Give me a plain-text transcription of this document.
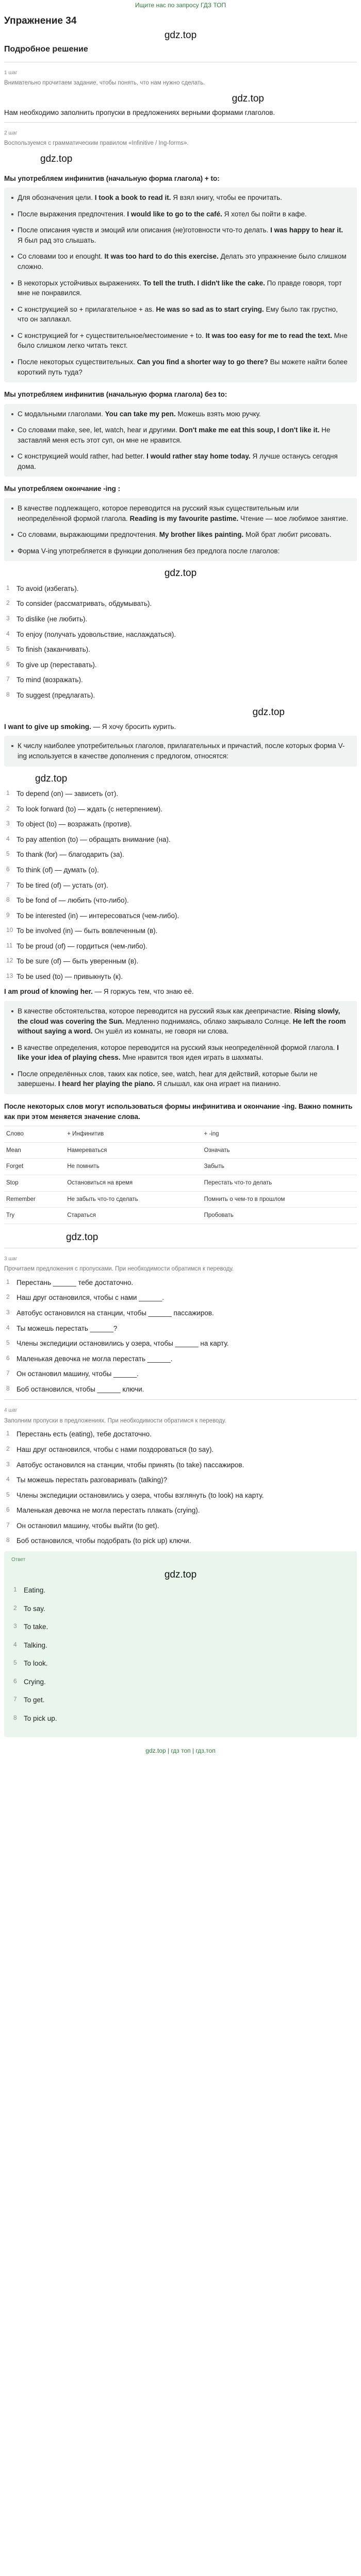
Ищите нас по запросу ГДЗ ТОП
Упражнение 34
gdz.top
Подробное решение
1 шаг
Внимательно прочитаем задание, чтобы понять, что нам нужно сделать.
gdz.top
Нам необходимо заполнить пропуски в предложениях верными формами глаголов.
2 шаг
Воспользуемся с грамматическим правилом «Infinitive / Ing-forms».
gdz.top
Мы употребляем инфинитив (начальную форма глагола) + to:
Для обозначения цели. I took a book to read it. Я взял книгу, чтобы ее прочитать.
После выражения предпочтения. I would like to go to the café. Я хотел бы пойти в кафе.
После описания чувств и эмоций или описания (не)готовности что-то делать. I was happy to hear it. Я был рад это слышать.
Со словами too и enought. It was too hard to do this exercise. Делать это упражнение было слишком сложно.
В некоторых устойчивых выражениях. To tell the truth. I didn't like the cake. По правде говоря, торт мне не понравился.
С конструкцией so + прилагательное + as. He was so sad as to start crying. Ему было так грустно, что он заплакал.
С конструкцией for + существительное/местоимение + to. It was too easy for me to read the text. Мне было слишком легко читать текст.
После некоторых существительных. Can you find a shorter way to go there? Вы можете найти более короткий путь туда?
Мы употребляем инфинитив (начальную форма глагола) без to:
С модальными глаголами. You can take my pen. Можешь взять мою ручку.
Со словами make, see, let, watch, hear и другими. Don't make me eat this soup, I don't like it. Не заставляй меня есть этот суп, он мне не нравится.
С конструкцией would rather, had better. I would rather stay home today. Я лучше останусь сегодня дома.
Мы употребляем окончание -ing :
В качестве подлежащего, которое переводится на русский язык существительным или неопределённой формой глагола. Reading is my favourite pastime. Чтение — мое любимое занятие.
Со словами, выражающими предпочтения. My brother likes painting. Мой брат любит рисовать.
Форма V-ing употребляется в функции дополнения без предлога после глаголов:
gdz.top
1 To avoid (избегать).
2 To consider (рассматривать, обдумывать).
3 To dislike (не любить).
4 To enjoy (получать удовольствие, наслаждаться).
5 To finish (заканчивать).
6 To give up (переставать).
7 To mind (возражать).
8 To suggest (предлагать).
gdz.top
I want to give up smoking. — Я хочу бросить курить.
К числу наиболее употребительных глаголов, прилагательных и причастий, после которых форма V-ing используется в качестве дополнения с предлогом, относятся:
gdz.top
1 To depend (on) — зависеть (от).
2 To look forward (to) — ждать (с нетерпением).
3 To object (to) — возражать (против).
4 To pay attention (to) — обращать внимание (на).
5 To thank (for) — благодарить (за).
6 To think (of) — думать (о).
7 To be tired (of) — устать (от).
8 To be fond of — любить (что-либо).
9 To be interested (in) — интересоваться (чем-либо).
10 To be involved (in) — быть вовлеченным (в).
11 To be proud (of) — гордиться (чем-либо).
12 To be sure (of) — быть уверенным (в).
13 To be used (to) — привыкнуть (к).
I am proud of knowing her. — Я горжусь тем, что знаю её.
В качестве обстоятельства, которое переводится на русский язык как деепричастие. Rising slowly, the cloud was covering the Sun. Медленно поднимаясь, облако закрывало Солнце. He left the room without saying a word. Он ушёл из комнаты, не говоря ни слова.
В качестве определения, которое переводится на русский язык неопределённой формой глагола. I like your idea of playing chess. Мне нравится твоя идея играть в шахматы.
После определённых слов, таких как notice, see, watch, hear для действий, которые были не завершены. I heard her playing the piano. Я слышал, как она играет на пианино.
После некоторых слов могут использоваться формы инфинитива и окончание -ing. Важно помнить как при этом меняется значение слова.
Слово	+ Инфинитив	+ -ing
Mean	Намереваться	Означать
Forget	Не помнить	Забыть
Stop	Остановиться на время	Перестать что-то делать
Remember	Не забыть что-то сделать	Помнить о чем-то в прошлом
Try	Стараться	Пробовать
gdz.top
3 шаг
Прочитаем предложения с пропусками. При необходимости обратимся к переводу.
1 Перестань ______ тебе достаточно.
2 Наш друг остановился, чтобы с нами ______.
3 Автобус остановился на станции, чтобы ______ пассажиров.
4 Ты можешь перестать ______?
5 Члены экспедиции остановились у озера, чтобы ______ на карту.
6 Маленькая девочка не могла перестать ______.
7 Он остановил машину, чтобы ______.
8 Боб остановился, чтобы ______ ключи.
4 шаг
Заполним пропуски в предложениях. При необходимости обратимся к переводу.
1 Перестань есть (eating), тебе достаточно.
2 Наш друг остановился, чтобы с нами поздороваться (to say).
3 Автобус остановился на станции, чтобы принять (to take) пассажиров.
4 Ты можешь перестать разговаривать (talking)?
5 Члены экспедиции остановились у озера, чтобы взглянуть (to look) на карту.
6 Маленькая девочка не могла перестать плакать (crying).
7 Он остановил машину, чтобы выйти (to get).
8 Боб остановился, чтобы подобрать (to pick up) ключи.
Ответ
gdz.top
1 Eating.
2 To say.
3 To take.
4 Talking.
5 To look.
6 Crying.
7 To get.
8 To pick up.
gdz.top | гдз топ | гдз.топ
